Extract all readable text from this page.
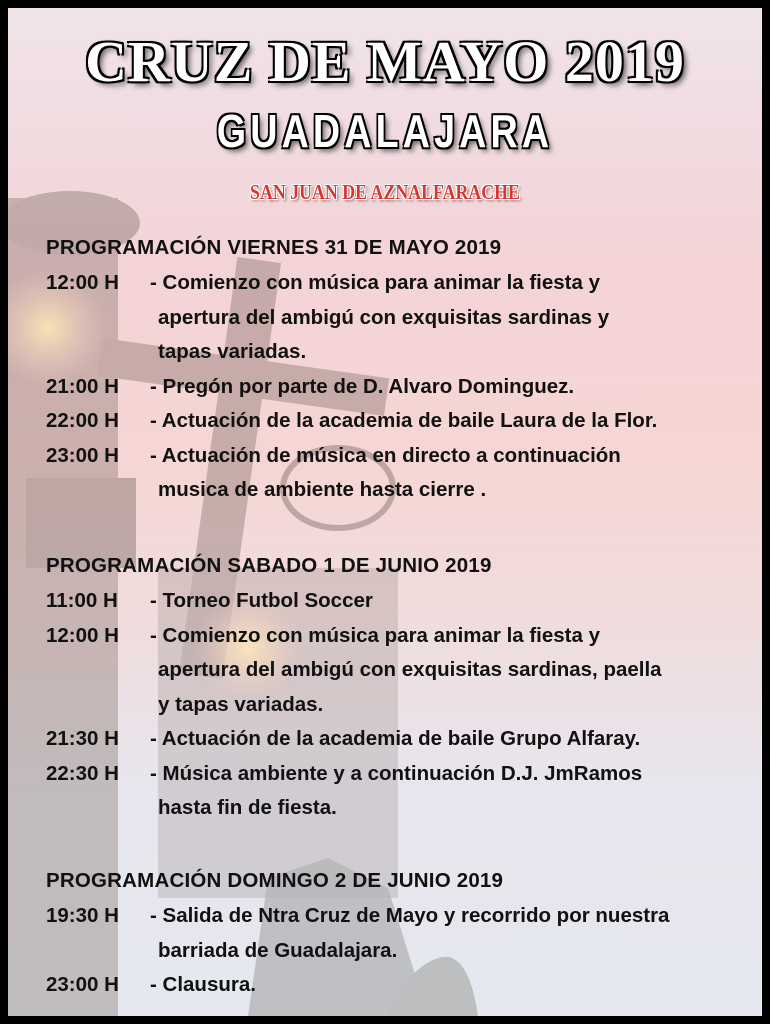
CRUZ DE MAYO 2019
GUADALAJARA
SAN JUAN DE AZNALFARACHE
PROGRAMACIÓN VIERNES 31 DE MAYO 2019
12:00 H	- Comienzo con música para animar la fiesta y
apertura del ambigú con exquisitas sardinas y
tapas variadas.
21:00 H	- Pregón por parte de D. Alvaro Dominguez.
22:00 H	- Actuación de la academia de baile Laura de la Flor.
23:00 H	- Actuación de música en directo a continuación
musica de ambiente hasta cierre .
PROGRAMACIÓN SABADO 1 DE JUNIO 2019
11:00 H	- Torneo Futbol Soccer
12:00 H	- Comienzo con música para animar la fiesta y
apertura del ambigú con exquisitas sardinas, paella
y tapas variadas.
21:30 H	- Actuación de la academia de baile Grupo Alfaray.
22:30 H	- Música ambiente y a continuación D.J. JmRamos
hasta fin de fiesta.
PROGRAMACIÓN DOMINGO 2 DE JUNIO 2019
19:30 H	- Salida de Ntra Cruz de Mayo y recorrido por nuestra
barriada de Guadalajara.
23:00 H	- Clausura.
